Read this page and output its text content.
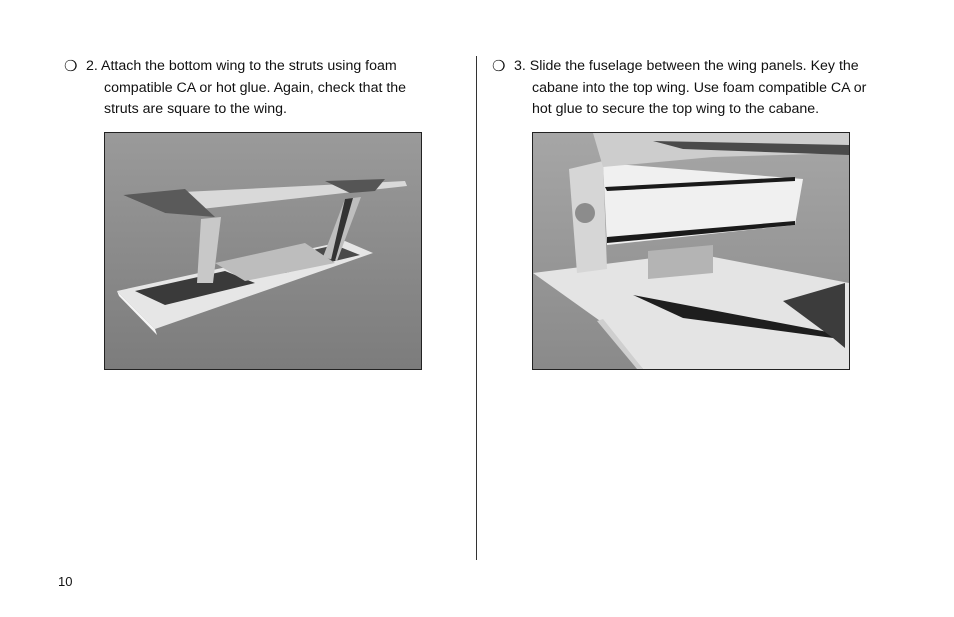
❍ 2. Attach the bottom wing to the struts using foam
compatible CA or hot glue. Again, check that the
struts are square to the wing.
❍ 3. Slide the fuselage between the wing panels. Key the
cabane into the top wing. Use foam compatible CA or
hot glue to secure the top wing to the cabane.
10
